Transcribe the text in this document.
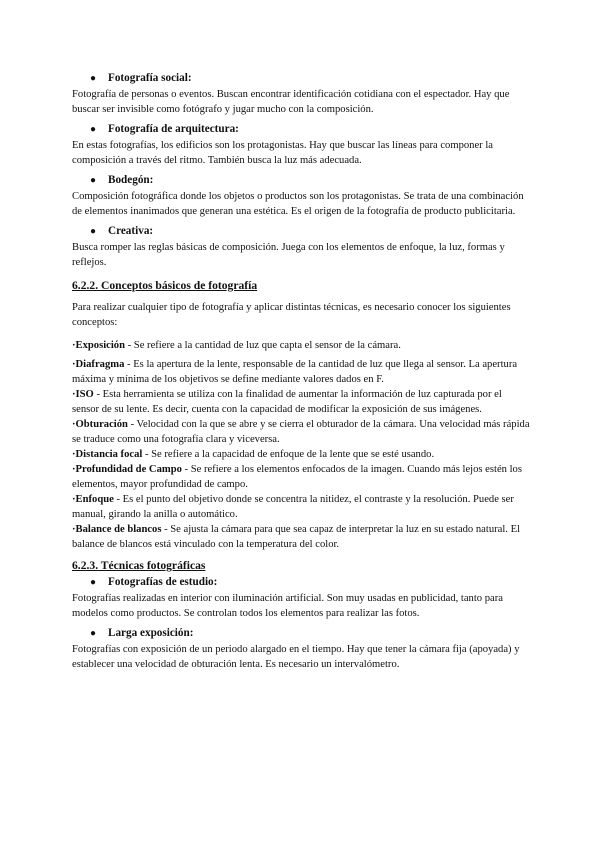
●	Fotografía social:

Fotografía de personas o eventos. Buscan encontrar identificación cotidiana con el espectador. Hay que buscar ser invisible como fotógrafo y jugar mucho con la composición.

●	Fotografía de arquitectura:

En estas fotografías, los edificios son los protagonistas. Hay que buscar las líneas para componer la composición a través del ritmo. También busca la luz más adecuada.

●	Bodegón:

Composición fotográfica donde los objetos o productos son los protagonistas. Se trata de una combinación de elementos inanimados que generan una estética. Es el origen de la fotografía de producto publicitaria.

●	Creativa:

Busca romper las reglas básicas de composición. Juega con los elementos de enfoque, la luz, formas y reflejos.

6.2.2. Conceptos básicos de fotografía

Para realizar cualquier tipo de fotografía y aplicar distintas técnicas, es necesario conocer los siguientes conceptos:

·Exposición - Se refiere a la cantidad de luz que capta el sensor de la cámara.

·Diafragma - Es la apertura de la lente, responsable de la cantidad de luz que llega al sensor. La apertura máxima y mínima de los objetivos se define mediante valores dados en F.

·ISO - Esta herramienta se utiliza con la finalidad de aumentar la información de luz capturada por el sensor de su lente. Es decir, cuenta con la capacidad de modificar la exposición de sus imágenes.

·Obturación - Velocidad con la que se abre y se cierra el obturador de la cámara. Una velocidad más rápida se traduce como una fotografía clara y viceversa.

·Distancia focal - Se refiere a la capacidad de enfoque de la lente que se esté usando.

·Profundidad de Campo - Se refiere a los elementos enfocados de la imagen. Cuando más lejos estén los elementos, mayor profundidad de campo.

·Enfoque - Es el punto del objetivo donde se concentra la nitidez, el contraste y la resolución. Puede ser manual, girando la anilla o automático.

·Balance de blancos - Se ajusta la cámara para que sea capaz de interpretar la luz en su estado natural. El balance de blancos está vinculado con la temperatura del color.

6.2.3. Técnicas fotográficas
●	Fotografías de estudio:

Fotografías realizadas en interior con iluminación artificial. Son muy usadas en publicidad, tanto para modelos como productos. Se controlan todos los elementos para realizar las fotos.

●	Larga exposición:

Fotografías con exposición de un periodo alargado en el tiempo. Hay que tener la cámara fija (apoyada) y establecer una velocidad de obturación lenta. Es necesario un intervalómetro.
